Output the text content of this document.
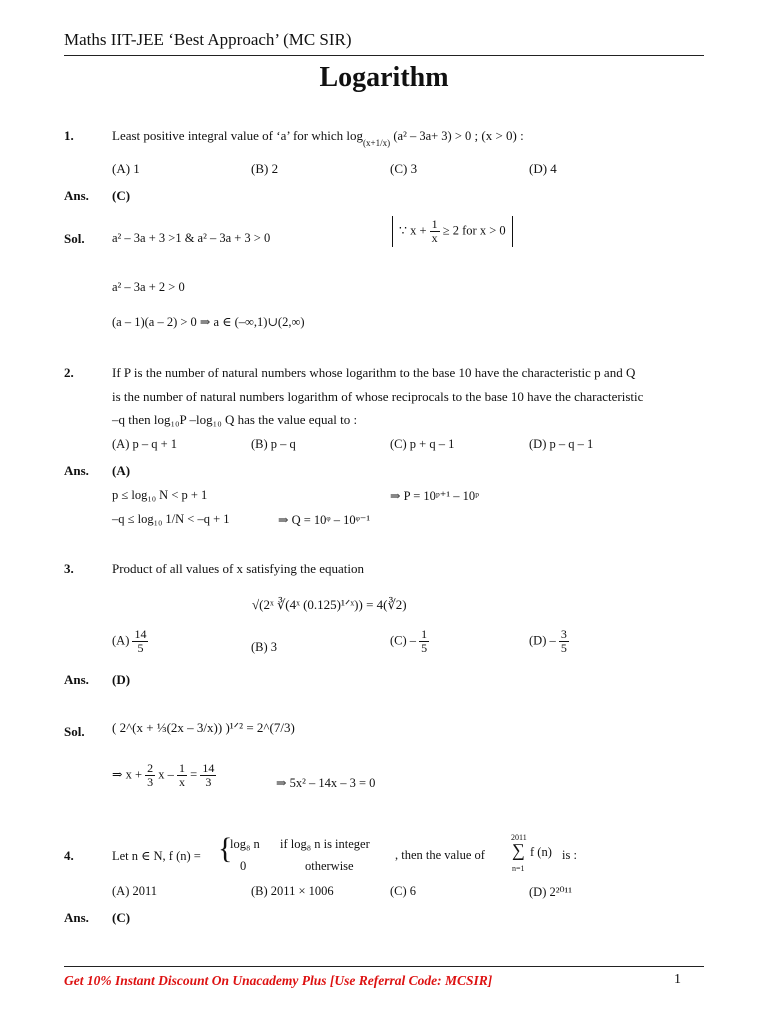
Maths IIT-JEE ‘Best Approach’ (MC SIR)
Logarithm
1.	Least positive integral value of ‘a’ for which $\log_{(x+1/x)} (a^2 - 3a+ 3) > 0$ ; (x > 0) :
(A) 1	(B) 2	(C) 3	(D) 4
Ans. (C)
Sol. a² – 3a + 3 >1 & a² – 3a + 3 > 0
∵ $x + \frac{1}{x} \ge 2$ for x > 0
a² – 3a + 2 > 0
(a – 1)(a – 2) > 0 ⇒ a ∈ (–∞,1)∪(2,∞)
2.	If P is the number of natural numbers whose logarithm to the base 10 have the characteristic p and Q
is the number of natural numbers logarithm of whose reciprocals to the base 10 have the characteristic
–q then log₁₀P –log₁₀ Q has the value equal to :
(A) p – q + 1	(B) p – q	(C) p + q – 1	(D) p – q – 1
Ans. (A)
p ≤ log₁₀ N < p + 1	⇒ P = 10ᵖ⁺¹ – 10ᵖ
–q ≤ log₁₀ 1/N < –q + 1	⇒ Q = 10ᵠ – 10ᵠ⁻¹
3.	Product of all values of x satisfying the equation
√(2ˣ ∛(4ˣ (0.125)¹ᐟˣ)) = 4(∛2)
$(A) \frac{14}{5}$	(B) 3	$(C) - \frac{1}{5}$	$(D) - \frac{3}{5}$
Ans. (D)
Sol. ( 2^(x + ⅓(2x – 3/x)) )¹ᐟ² = 2^(7/3)
⇒ $x + \frac{2}{3}$ $x - \frac{1}{x} = \frac{14}{3}$	⇒ 5x² – 14x – 3 = 0
4.	Let n ∈ N, f (n) = {
log₈ n if log₈ n is integer
0	otherwise
, then the value of
2011
∑
n=1
f (n) is :
(A) 2011	(B) 2011 × 1006	(C) 6	(D) 2²⁰¹¹
Ans. (C)
Get 10% Instant Discount On Unacademy Plus [Use Referral Code: MCSIR]	1
